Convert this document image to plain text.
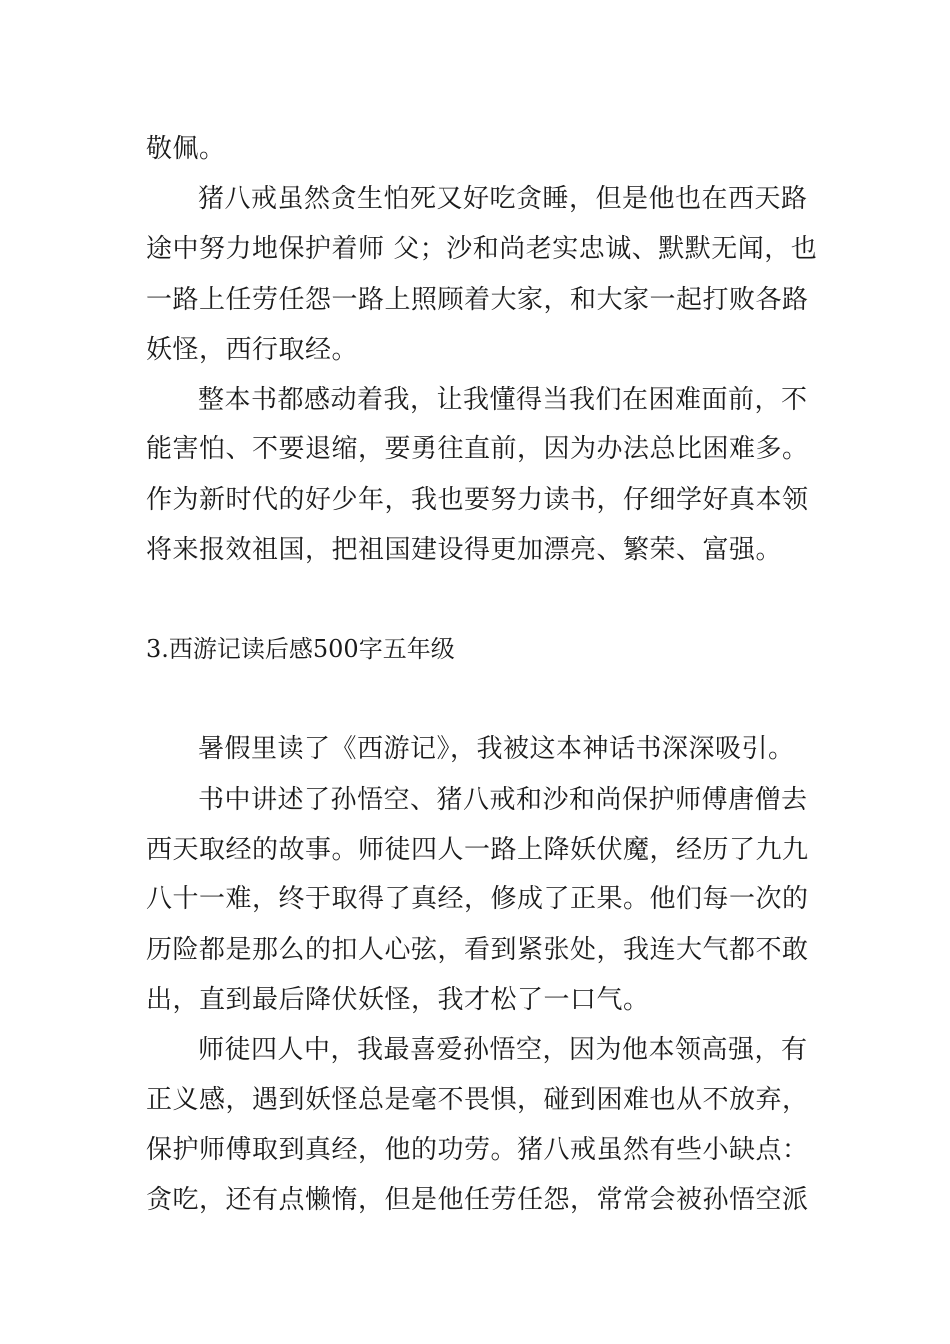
敬佩。
猪八戒虽然贪生怕死又好吃贪睡，但是他也在西天路
途中努力地保护着师 父；沙和尚老实忠诚、默默无闻，也
一路上任劳任怨一路上照顾着大家，和大家一起打败各路
妖怪，西行取经。
整本书都感动着我，让我懂得当我们在困难面前，不
能害怕、不要退缩，要勇往直前，因为办法总比困难多。
作为新时代的好少年，我也要努力读书，仔细学好真本领
将来报效祖国，把祖国建设得更加漂亮、繁荣、富强。
3.西游记读后感500字五年级
暑假里读了《西游记》，我被这本神话书深深吸引。
书中讲述了孙悟空、猪八戒和沙和尚保护师傅唐僧去
西天取经的故事。师徒四人一路上降妖伏魔，经历了九九
八十一难，终于取得了真经，修成了正果。他们每一次的
历险都是那么的扣人心弦，看到紧张处，我连大气都不敢
出，直到最后降伏妖怪，我才松了一口气。
师徒四人中，我最喜爱孙悟空，因为他本领高强，有
正义感，遇到妖怪总是毫不畏惧，碰到困难也从不放弃，
保护师傅取到真经，他的功劳。猪八戒虽然有些小缺点：
贪吃，还有点懒惰，但是他任劳任怨，常常会被孙悟空派
